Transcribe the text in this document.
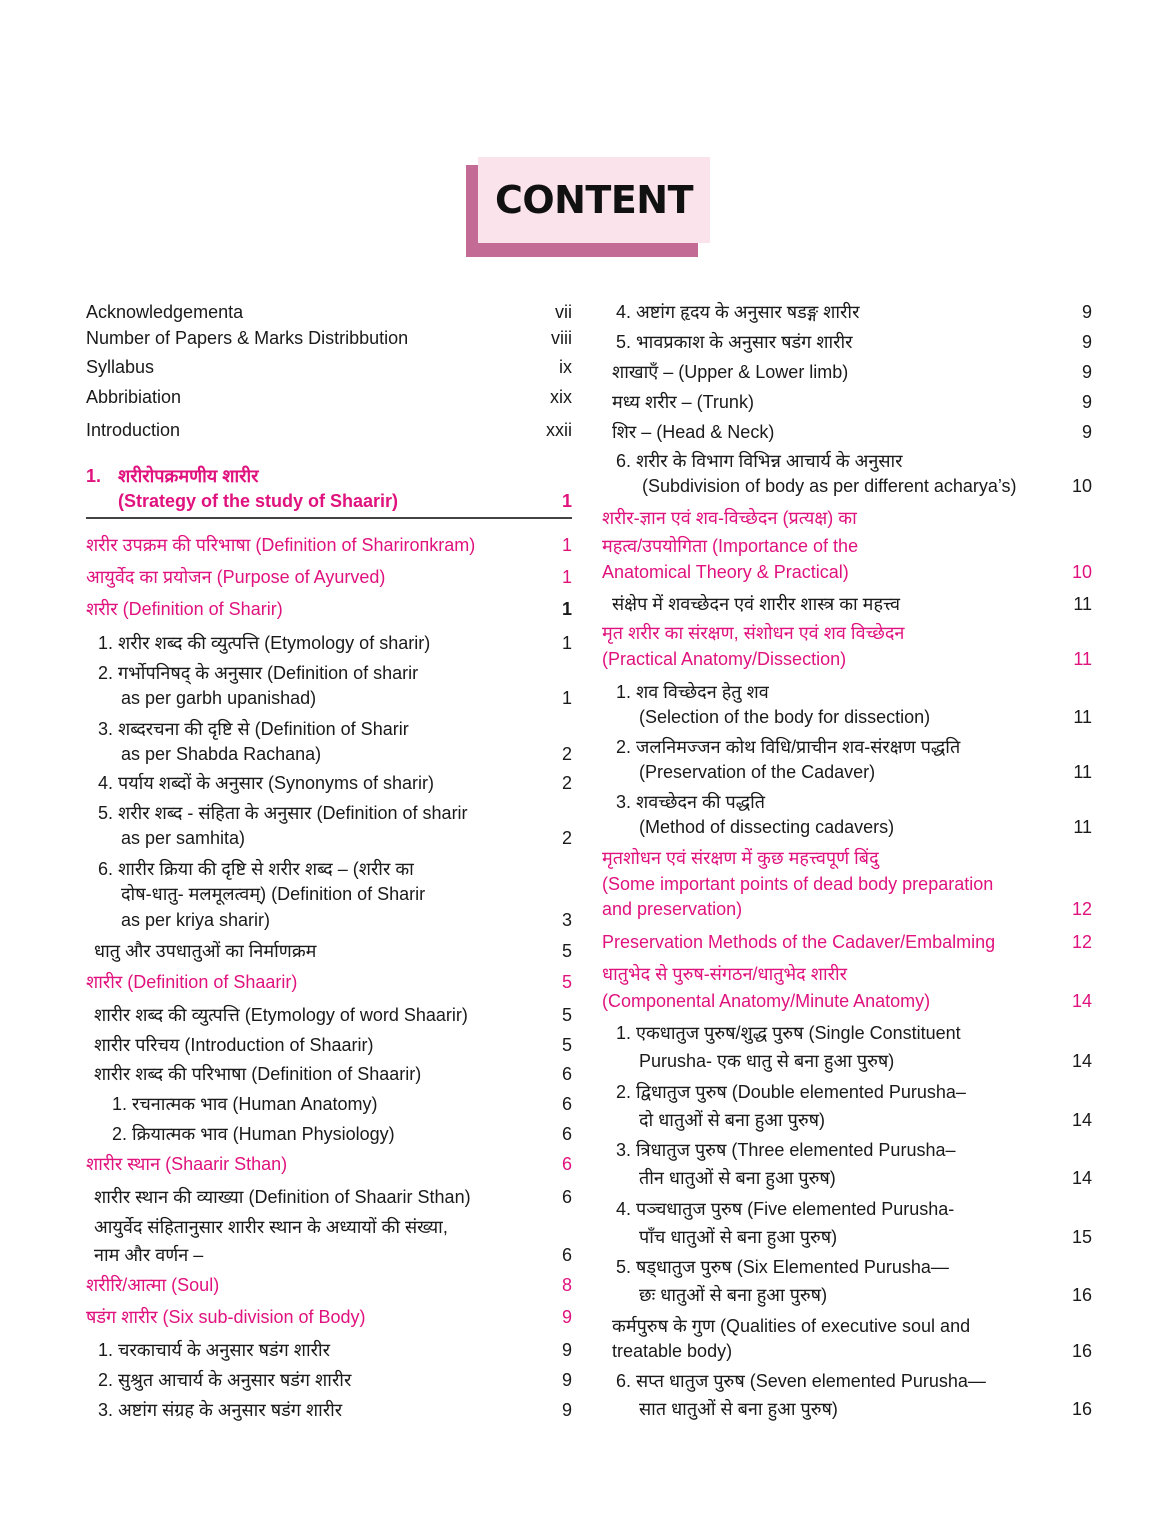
CONTENT
Acknowledgementa	vii
Number of Papers & Marks Distribbution	viii
Syllabus	ix
Abbribiation	xix
Introduction	xxii
1. शरीरोपक्रमणीय शारीर
(Strategy of the study of Shaarir)	1
शरीर उपक्रम की परिभाषा (Definition of Sharirопkram)	1
आयुर्वेद का प्रयोजन (Purpose of Ayurved)	1
शरीर (Definition of Sharir)	1
1. शरीर शब्द की व्युत्पत्ति (Etymology of sharir)	1
2. गर्भोपनिषद् के अनुसार (Definition of sharir
as per garbh upanishad)	1
3. शब्दरचना की दृष्टि से (Definition of Sharir
as per Shabda Rachana)	2
4. पर्याय शब्दों के अनुसार (Synonyms of sharir)	2
5. शरीर शब्द - संहिता के अनुसार (Definition of sharir
as per samhita)	2
6. शारीर क्रिया की दृष्टि से शरीर शब्द – (शरीर का
दोष-धातु- मलमूलत्वम्) (Definition of Sharir
as per kriya sharir)	3
धातु और उपधातुओं का निर्माणक्रम	5
शारीर (Definition of Shaarir)	5
शारीर शब्द की व्युत्पत्ति (Etymology of word Shaarir)	5
शारीर परिचय (Introduction of Shaarir)	5
शारीर शब्द की परिभाषा (Definition of Shaarir)	6
1. रचनात्मक भाव (Human Anatomy)	6
2. क्रियात्मक भाव (Human Physiology)	6
शारीर स्थान (Shaarir Sthan)	6
शारीर स्थान की व्याख्या (Definition of Shaarir Sthan)	6
आयुर्वेद संहितानुसार शारीर स्थान के अध्यायों की संख्या,
नाम और वर्णन –	6
शरीरि/आत्मा (Soul)	8
षडंग शारीर (Six sub-division of Body)	9
1. चरकाचार्य के अनुसार षडंग शारीर	9
2. सुश्रुत आचार्य के अनुसार षडंग शारीर	9
3. अष्टांग संग्रह के अनुसार षडंग शारीर	9
4. अष्टांग हृदय के अनुसार षडङ्ग शारीर	9
5. भावप्रकाश के अनुसार षडंग शारीर	9
शाखाएँ – (Upper & Lower limb)	9
मध्य शरीर – (Trunk)	9
शिर – (Head & Neck)	9
6. शरीर के विभाग विभिन्न आचार्य के अनुसार
(Subdivision of body as per different acharya’s)	10
शरीर-ज्ञान एवं शव-विच्छेदन (प्रत्यक्ष) का
महत्व/उपयोगिता (Importance of the
Anatomical Theory & Practical)	10
संक्षेप में शवच्छेदन एवं शारीर शास्त्र का महत्त्व	11
मृत शरीर का संरक्षण, संशोधन एवं शव विच्छेदन
(Practical Anatomy/Dissection)	11
1. शव विच्छेदन हेतु शव
(Selection of the body for dissection)	11
2. जलनिमज्जन कोथ विधि/प्राचीन शव-संरक्षण पद्धति
(Preservation of the Cadaver)	11
3. शवच्छेदन की पद्धति
(Method of dissecting cadavers)	11
मृतशोधन एवं संरक्षण में कुछ महत्त्वपूर्ण बिंदु
(Some important points of dead body preparation
and preservation)	12
Preservation Methods of the Cadaver/Embalming	12
धातुभेद से पुरुष-संगठन/धातुभेद शारीर
(Componental Anatomy/Minute Anatomy)	14
1. एकधातुज पुरुष/शुद्ध पुरुष (Single Constituent
Purusha- एक धातु से बना हुआ पुरुष)	14
2. द्विधातुज पुरुष (Double elemented Purusha–
दो धातुओं से बना हुआ पुरुष)	14
3. त्रिधातुज पुरुष (Three elemented Purusha–
तीन धातुओं से बना हुआ पुरुष)	14
4. पञ्चधातुज पुरुष (Five elemented Purusha-
पाँच धातुओं से बना हुआ पुरुष)	15
5. षड्धातुज पुरुष (Six Elemented Purusha—
छः धातुओं से बना हुआ पुरुष)	16
कर्मपुरुष के गुण (Qualities of executive soul and
treatable body)	16
6. सप्त धातुज पुरुष (Seven elemented Purusha—
सात धातुओं से बना हुआ पुरुष)	16
